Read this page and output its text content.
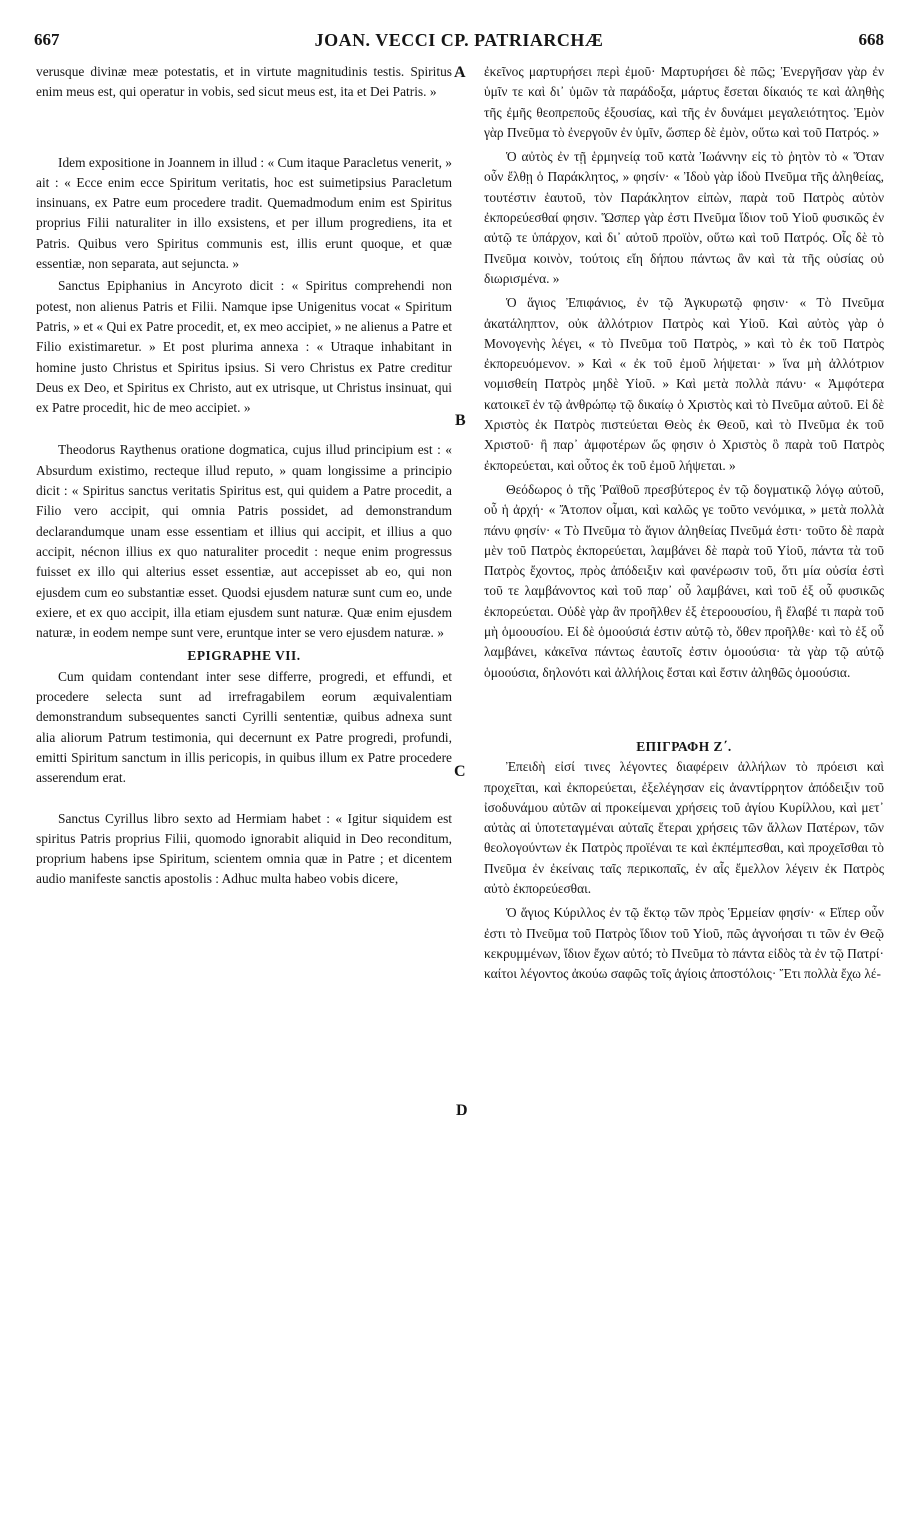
667	JOAN. VECCI CP. PATRIARCHÆ	668
A
B
C
D

verusque divinæ meæ potestatis, et in virtute magnitudinis testis. Spiritus enim meus est, qui operatur in vobis, sed sicut meus est, ita et Dei Patris. »

Idem expositione in Joannem in illud : « Cum itaque Paracletus venerit, » ait : « Ecce enim ecce Spiritum veritatis, hoc est suimetipsius Paracletum insinuans, ex Patre eum procedere tradit. Quemadmodum enim est Spiritus proprius Filii naturaliter in illo exsistens, et per illum progrediens, ita et Patris. Quibus vero Spiritus communis est, illis erunt quoque, et quæ essentiæ, non separata, aut sejuncta. »

Sanctus Epiphanius in Ancyroto dicit : « Spiritus comprehendi non potest, non alienus Patris et Filii. Namque ipse Unigenitus vocat « Spiritum Patris, » et « Qui ex Patre procedit, et, ex meo accipiet, » ne alienus a Patre et Filio existimaretur. » Et post plurima annexa : « Utraque inhabitant in homine justo Christus et Spiritus ipsius. Si vero Christus ex Patre creditur Deus ex Deo, et Spiritus ex Christo, aut ex utrisque, ut Christus insinuat, qui ex Patre procedit, hic de meo accipiet. »

Theodorus Raythenus oratione dogmatica, cujus illud principium est : « Absurdum existimo, recteque illud reputo, » quam longissime a principio dicit : « Spiritus sanctus veritatis Spiritus est, qui quidem a Patre procedit, a Filio vero accipit, qui omnia Patris possidet, ad demonstrandum declarandumque unam esse essentiam et illius qui accipit, et illius a quo accipit, nécnon illius ex quo naturaliter procedit : neque enim progressus fuisset ex illo qui alterius esset essentiæ, aut accepisset ab eo, qui non ejusdem cum eo substantiæ esset. Quodsi ejusdem naturæ sunt cum eo, unde exiere, et ex quo accipit, illa etiam ejusdem sunt naturæ. Quæ enim ejusdem naturæ, in eodem nempe sunt vere, eruntque inter se vero ejusdem naturæ. »

EPIGRAPHE VII.

Cum quidam contendant inter sese differre, progredi, et effundi, et procedere selecta sunt ad irrefragabilem eorum æquivalentiam demonstrandum subsequentes sancti Cyrilli sententiæ, quibus adnexa sunt alia aliorum Patrum testimonia, qui decernunt ex Patre progredi, profundi, emitti Spiritum sanctum in illis pericopis, in quibus illum ex Patre procedere asserendum erat.

Sanctus Cyrillus libro sexto ad Hermiam habet : « Igitur siquidem est spiritus Patris proprius Filii, quomodo ignorabit aliquid in Deo reconditum, proprium habens ipse Spiritum, scientem omnia quæ in Patre ; et dicentem audio manifeste sanctis apostolis : Adhuc multa habeo vobis dicere,

ἐκεῖνος μαρτυρήσει περὶ ἐμοῦ· Μαρτυρήσει δὲ πῶς; Ἐνεργῆσαν γὰρ ἐν ὑμῖν τε καὶ δι᾽ ὑμῶν τὰ παράδοξα, μάρτυς ἔσεται δίκαιός τε καὶ ἀληθὴς τῆς ἐμῆς θεοπρεποῦς ἐξουσίας, καὶ τῆς ἐν δυνάμει μεγαλειότητος. Ἐμὸν γὰρ Πνεῦμα τὸ ἐνεργοῦν ἐν ὑμῖν, ὥσπερ δὲ ἐμὸν, οὕτω καὶ τοῦ Πατρός. »

Ὁ αὐτὸς ἐν τῇ ἑρμηνείᾳ τοῦ κατὰ Ἰωάννην εἰς τὸ ῥητὸν τὸ « Ὅταν οὖν ἔλθῃ ὁ Παράκλητος, » φησίν· « Ἰδοὺ γὰρ ἰδοὺ Πνεῦμα τῆς ἀληθείας, τουτέστιν ἑαυτοῦ, τὸν Παράκλητον εἰπὼν, παρὰ τοῦ Πατρὸς αὐτὸν ἐκπορεύεσθαί φησιν. Ὥσπερ γὰρ ἐστι Πνεῦμα ἴδιον τοῦ Υἱοῦ φυσικῶς ἐν αὐτῷ τε ὑπάρχον, καὶ δι᾽ αὐτοῦ προϊὸν, οὕτω καὶ τοῦ Πατρός. Οἷς δὲ τὸ Πνεῦμα κοινὸν, τούτοις εἴη δήπου πάντως ἂν καὶ τὰ τῆς οὐσίας οὐ διωρισμένα. »

Ὁ ἅγιος Ἐπιφάνιος, ἐν τῷ Ἀγκυρωτῷ φησιν· « Τὸ Πνεῦμα ἀκατάληπτον, οὐκ ἀλλότριον Πατρὸς καὶ Υἱοῦ. Καὶ αὐτὸς γὰρ ὁ Μονογενὴς λέγει, « τὸ Πνεῦμα τοῦ Πατρὸς, » καὶ τὸ ἐκ τοῦ Πατρὸς ἐκπορευόμενον. » Καὶ « ἐκ τοῦ ἐμοῦ λήψεται· » ἵνα μὴ ἀλλότριον νομισθείη Πατρὸς μηδὲ Υἱοῦ. » Καὶ μετὰ πολλὰ πάνυ· « Ἀμφότερα κατοικεῖ ἐν τῷ ἀνθρώπῳ τῷ δικαίῳ ὁ Χριστὸς καὶ τὸ Πνεῦμα αὐτοῦ. Εἰ δὲ Χριστὸς ἐκ Πατρὸς πιστεύεται Θεὸς ἐκ Θεοῦ, καὶ τὸ Πνεῦμα ἐκ τοῦ Χριστοῦ· ἢ παρ᾽ ἀμφοτέρων ὥς φησιν ὁ Χριστὸς ὃ παρὰ τοῦ Πατρὸς ἐκπορεύεται, καὶ οὗτος ἐκ τοῦ ἐμοῦ λήψεται. »

Θεόδωρος ὁ τῆς Ῥαϊθοῦ πρεσβύτερος ἐν τῷ δογματικῷ λόγῳ αὐτοῦ, οὗ ἡ ἀρχή· « Ἄτοπον οἶμαι, καὶ καλῶς γε τοῦτο νενόμικα, » μετὰ πολλὰ πάνυ φησίν· « Τὸ Πνεῦμα τὸ ἅγιον ἀληθείας Πνεῦμά ἐστι· τοῦτο δὲ παρὰ μὲν τοῦ Πατρὸς ἐκπορεύεται, λαμβάνει δὲ παρὰ τοῦ Υἱοῦ, πάντα τὰ τοῦ Πατρὸς ἔχοντος, πρὸς ἀπόδειξιν καὶ φανέρωσιν τοῦ, ὅτι μία οὐσία ἐστὶ τοῦ τε λαμβάνοντος καὶ τοῦ παρ᾽ οὗ λαμβάνει, καὶ τοῦ ἐξ οὗ φυσικῶς ἐκπορεύεται. Οὐδὲ γὰρ ἂν προῆλθεν ἐξ ἑτεροουσίου, ἢ ἔλαβέ τι παρὰ τοῦ μὴ ὁμοουσίου. Εἰ δὲ ὁμοούσιά ἐστιν αὐτῷ τὸ, ὅθεν προῆλθε· καὶ τὸ ἐξ οὗ λαμβάνει, κἀκεῖνα πάντως ἑαυτοῖς ἐστιν ὁμοούσια· τὰ γὰρ τῷ αὐτῷ ὁμοούσια, δηλονότι καὶ ἀλλήλοις ἔσται καὶ ἔστιν ἀληθῶς ὁμοούσια.

ΕΠΙΓΡΑΦΗ Ζ΄.

Ἐπειδὴ εἰσί τινες λέγοντες διαφέρειν ἀλλήλων τὸ πρόεισι καὶ προχεῖται, καὶ ἐκπορεύεται, ἐξελέγησαν εἰς ἀναντίρρητον ἀπόδειξιν τοῦ ἰσοδυνάμου αὐτῶν αἱ προκείμεναι χρήσεις τοῦ ἁγίου Κυρίλλου, καὶ μετ᾽ αὐτὰς αἱ ὑποτεταγμέναι αὐταῖς ἕτεραι χρήσεις τῶν ἄλλων Πατέρων, τῶν θεολογούντων ἐκ Πατρὸς προϊέναι τε καὶ ἐκπέμπεσθαι, καὶ προχεῖσθαι τὸ Πνεῦμα ἐν ἐκείναις ταῖς περικοπαῖς, ἐν αἷς ἔμελλον λέγειν ἐκ Πατρὸς αὐτὸ ἐκπορεύεσθαι.

Ὁ ἅγιος Κύριλλος ἐν τῷ ἕκτῳ τῶν πρὸς Ἑρμείαν φησίν· « Εἴπερ οὖν ἐστι τὸ Πνεῦμα τοῦ Πατρὸς ἴδιον τοῦ Υἱοῦ, πῶς ἀγνοήσαι τι τῶν ἐν Θεῷ κεκρυμμένων, ἴδιον ἔχων αὐτό; τὸ Πνεῦμα τὸ πάντα εἰδὸς τὰ ἐν τῷ Πατρί· καίτοι λέγοντος ἀκούω σαφῶς τοῖς ἁγίοις ἀποστόλοις· Ἔτι πολλὰ ἔχω λέ-
